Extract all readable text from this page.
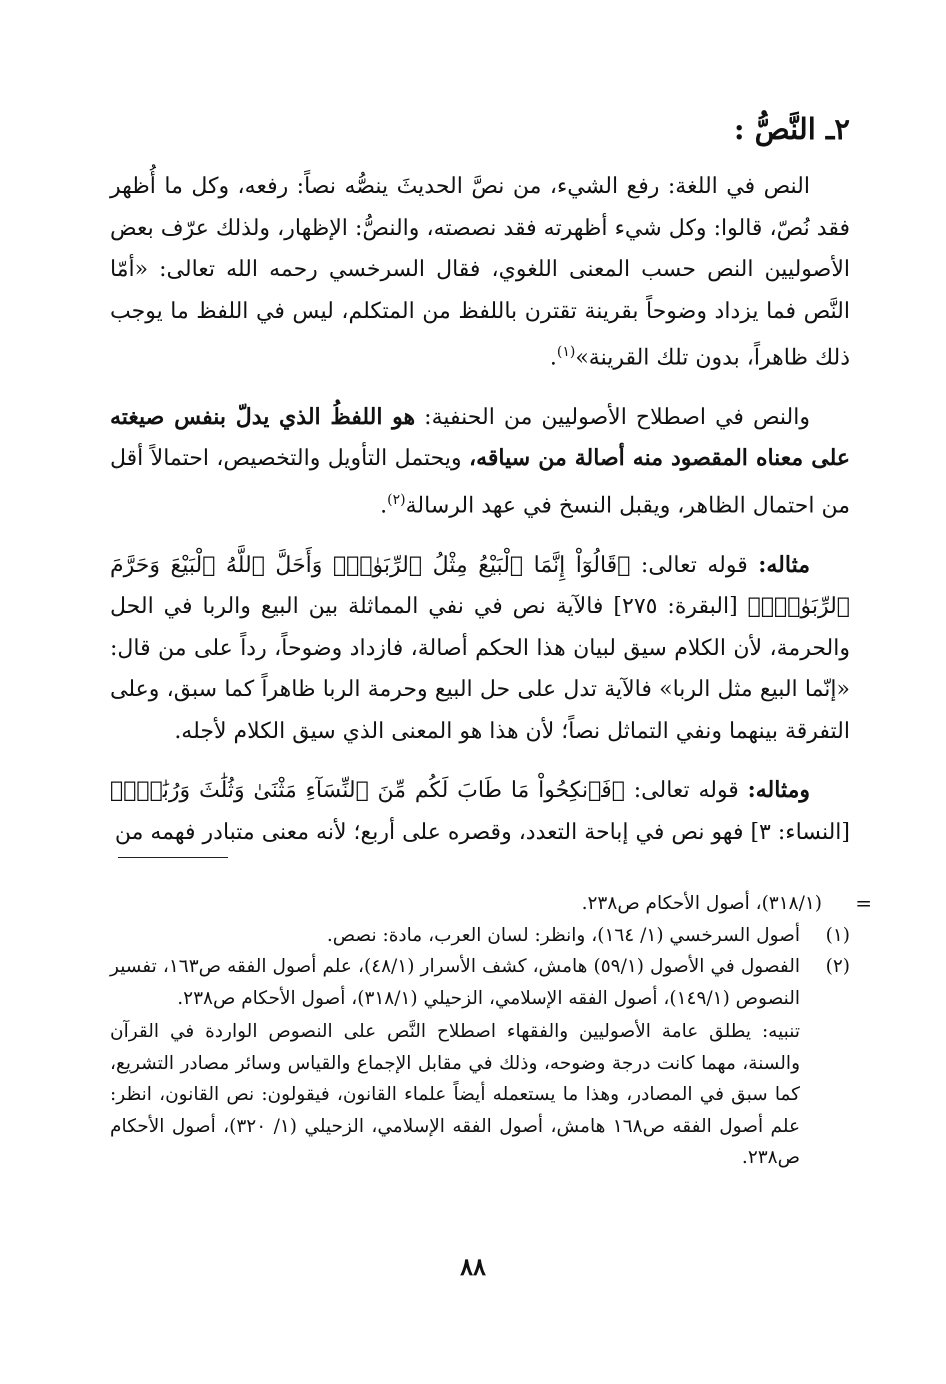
٢ـ النَّصُّ :

النص في اللغة: رفع الشيء، من نصَّ الحديثَ ينصُّه نصاً: رفعه، وكل ما أُظهر فقد نُصّ، قالوا: وكل شيء أظهرته فقد نصصته، والنصُّ: الإظهار، ولذلك عرّف بعض الأصوليين النص حسب المعنى اللغوي، فقال السرخسي رحمه الله تعالى: «أمّا النَّص فما يزداد وضوحاً بقرينة تقترن باللفظ من المتكلم، ليس في اللفظ ما يوجب ذلك ظاهراً، بدون تلك القرينة»$^{(١)}$.

والنص في اصطلاح الأصوليين من الحنفية: هو اللفظُ الذي يدلّ بنفس صيغته على معناه المقصود منه أصالة من سياقه، ويحتمل التأويل والتخصيص، احتمالاً أقل من احتمال الظاهر، ويقبل النسخ في عهد الرسالة$^{(٢)}$.

مثاله: قوله تعالى: ﴿قَالُوٓاْ إِنَّمَا ٱلْبَيْعُ مِثْلُ ٱلرِّبَوٰاْۗ وَأَحَلَّ ٱللَّهُ ٱلْبَيْعَ وَحَرَّمَ ٱلرِّبَوٰاْۚ﴾ [البقرة: ٢٧٥] فالآية نص في نفي المماثلة بين البيع والربا في الحل والحرمة، لأن الكلام سيق لبيان هذا الحكم أصالة، فازداد وضوحاً، رداً على من قال: «إنّما البيع مثل الربا» فالآية تدل على حل البيع وحرمة الربا ظاهراً كما سبق، وعلى التفرقة بينهما ونفي التماثل نصاً؛ لأن هذا هو المعنى الذي سيق الكلام لأجله.

ومثاله: قوله تعالى: ﴿فَٱنكِحُواْ مَا طَابَ لَكُم مِّنَ ٱلنِّسَآءِ مَثْنَىٰ وَثُلَٰثَ وَرُبَٰعَۖ﴾ [النساء: ٣] فهو نص في إباحة التعدد، وقصره على أربع؛ لأنه معنى متبادر فهمه من

=
(٣١٨/١)، أصول الأحكام ص٢٣٨.
(١)
أصول السرخسي (١/ ١٦٤)، وانظر: لسان العرب، مادة: نصص.
(٢)
الفصول في الأصول (٥٩/١) هامش، كشف الأسرار (٤٨/١)، علم أصول الفقه ص١٦٣، تفسير النصوص (١٤٩/١)، أصول الفقه الإسلامي، الزحيلي (٣١٨/١)، أصول الأحكام ص٢٣٨.
تنبيه: يطلق عامة الأصوليين والفقهاء اصطلاح النَّص على النصوص الواردة في القرآن والسنة، مهما كانت درجة وضوحه، وذلك في مقابل الإجماع والقياس وسائر مصادر التشريع، كما سبق في المصادر، وهذا ما يستعمله أيضاً علماء القانون، فيقولون: نص القانون، انظر: علم أصول الفقه ص١٦٨ هامش، أصول الفقه الإسلامي، الزحيلي (١/ ٣٢٠)، أصول الأحكام ص٢٣٨.
٨٨
